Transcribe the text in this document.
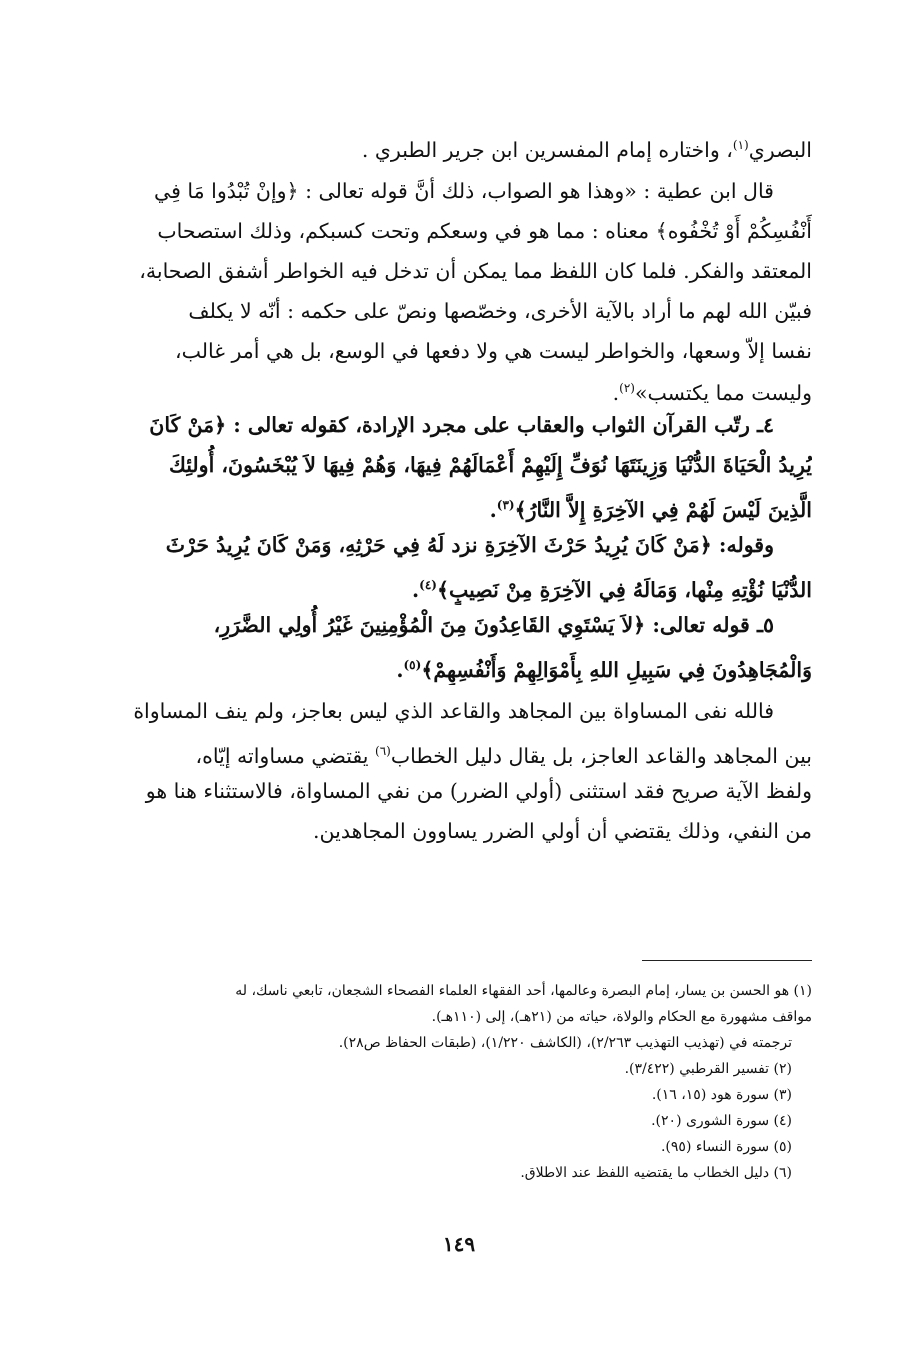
البصري$^{(١)}$، واختاره إمام المفسرين ابن جرير الطبري .
قال ابن عطية : «وهذا هو الصواب، ذلك أنَّ قوله تعالى : ﴿وإنْ تُبْدُوا مَا فِي
أَنْفُسِكُمْ أَوْ تُخْفُوه﴾ معناه : مما هو في وسعكم وتحت كسبكم، وذلك استصحاب
المعتقد والفكر. فلما كان اللفظ مما يمكن أن تدخل فيه الخواطر أشفق الصحابة،
فبيّن الله لهم ما أراد بالآية الأخرى، وخصّصها ونصّ على حكمه : أنّه لا يكلف
نفسا إلاّ وسعها، والخواطر ليست هي ولا دفعها في الوسع، بل هي أمر غالب،
وليست مما يكتسب»$^{(٢)}$.
٤ـ رتّب القرآن الثواب والعقاب على مجرد الإرادة، كقوله تعالى : ﴿مَنْ كَانَ
يُرِيدُ الْحَيَاةَ الدُّنْيَا وَزِينَتَهَا نُوَفِّ إِلَيْهِمْ أَعْمَالَهُمْ فِيهَا، وَهُمْ فِيهَا لاَ يُبْخَسُونَ، أُولئِكَ
الَّذِينَ لَيْسَ لَهُمْ فِي الآخِرَةِ إِلاَّ النَّارُ﴾$^{(٣)}$.
وقوله: ﴿مَنْ كَانَ يُرِيدُ حَرْثَ الآخِرَةِ نزد لَهُ فِي حَرْثِهِ، وَمَنْ كَانَ يُرِيدُ حَرْثَ
الدُّنْيَا نُؤْتِهِ مِنْها، وَمَالَهُ فِي الآخِرَةِ مِنْ نَصِيبٍ﴾$^{(٤)}$.
٥ـ قوله تعالى: ﴿لاَ يَسْتَوِي القَاعِدُونَ مِنَ الْمُؤْمِنِينَ غَيْرُ أُولِي الضَّرَرِ،
وَالْمُجَاهِدُونَ فِي سَبِيلِ اللهِ بِأَمْوَالِهِمْ وَأَنْفُسِهِمْ﴾$^{(٥)}$.
فالله نفى المساواة بين المجاهد والقاعد الذي ليس بعاجز، ولم ينف المساواة
بين المجاهد والقاعد العاجز، بل يقال دليل الخطاب$^{(٦)}$ يقتضي مساواته إيّاه،
ولفظ الآية صريح فقد استثنى (أولي الضرر) من نفي المساواة، فالاستثناء هنا هو
من النفي، وذلك يقتضي أن أولي الضرر يساوون المجاهدين.
(١) هو الحسن بن يسار، إمام البصرة وعالمها، أحد الفقهاء العلماء الفصحاء الشجعان، تابعي ناسك، له
مواقف مشهورة مع الحكام والولاة، حياته من (٢١هـ)، إلى (١١٠هـ).
ترجمته في (تهذيب التهذيب ٢/٢٦٣)، (الكاشف ١/٢٢٠)، (طبقات الحفاظ ص٢٨).
(٢) تفسير القرطبي (٣/٤٢٢).
(٣) سورة هود (١٥، ١٦).
(٤) سورة الشورى (٢٠).
(٥) سورة النساء (٩٥).
(٦) دليل الخطاب ما يقتضيه اللفظ عند الاطلاق.
١٤٩
